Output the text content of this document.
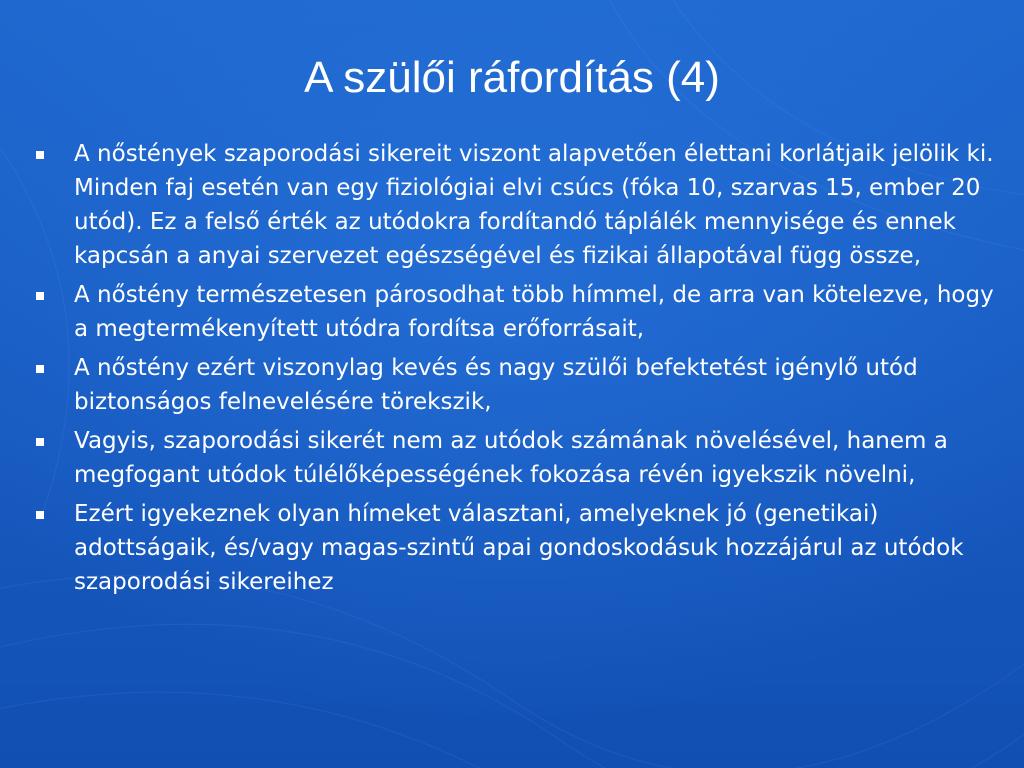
A szülői ráfordítás (4)
A nőstények szaporodási sikereit viszont alapvetően élettani korlátjaik jelölik ki. Minden faj esetén van egy fiziológiai elvi csúcs (fóka 10, szarvas 15, ember 20 utód). Ez a felső érték az utódokra fordítandó táplálék mennyisége és ennek kapcsán a anyai szervezet egészségével és fizikai állapotával függ össze,
A nőstény természetesen párosodhat több hímmel, de arra van kötelezve, hogy a megtermékenyített utódra fordítsa erőforrásait,
A nőstény ezért viszonylag kevés és nagy szülői befektetést igénylő utód biztonságos felnevelésére törekszik,
Vagyis, szaporodási sikerét nem az utódok számának növelésével, hanem a megfogant utódok túlélőképességének fokozása révén igyekszik növelni,
Ezért igyekeznek olyan hímeket választani, amelyeknek jó (genetikai) adottságaik, és/vagy magas-szintű apai gondoskodásuk hozzájárul az utódok szaporodási sikereihez
